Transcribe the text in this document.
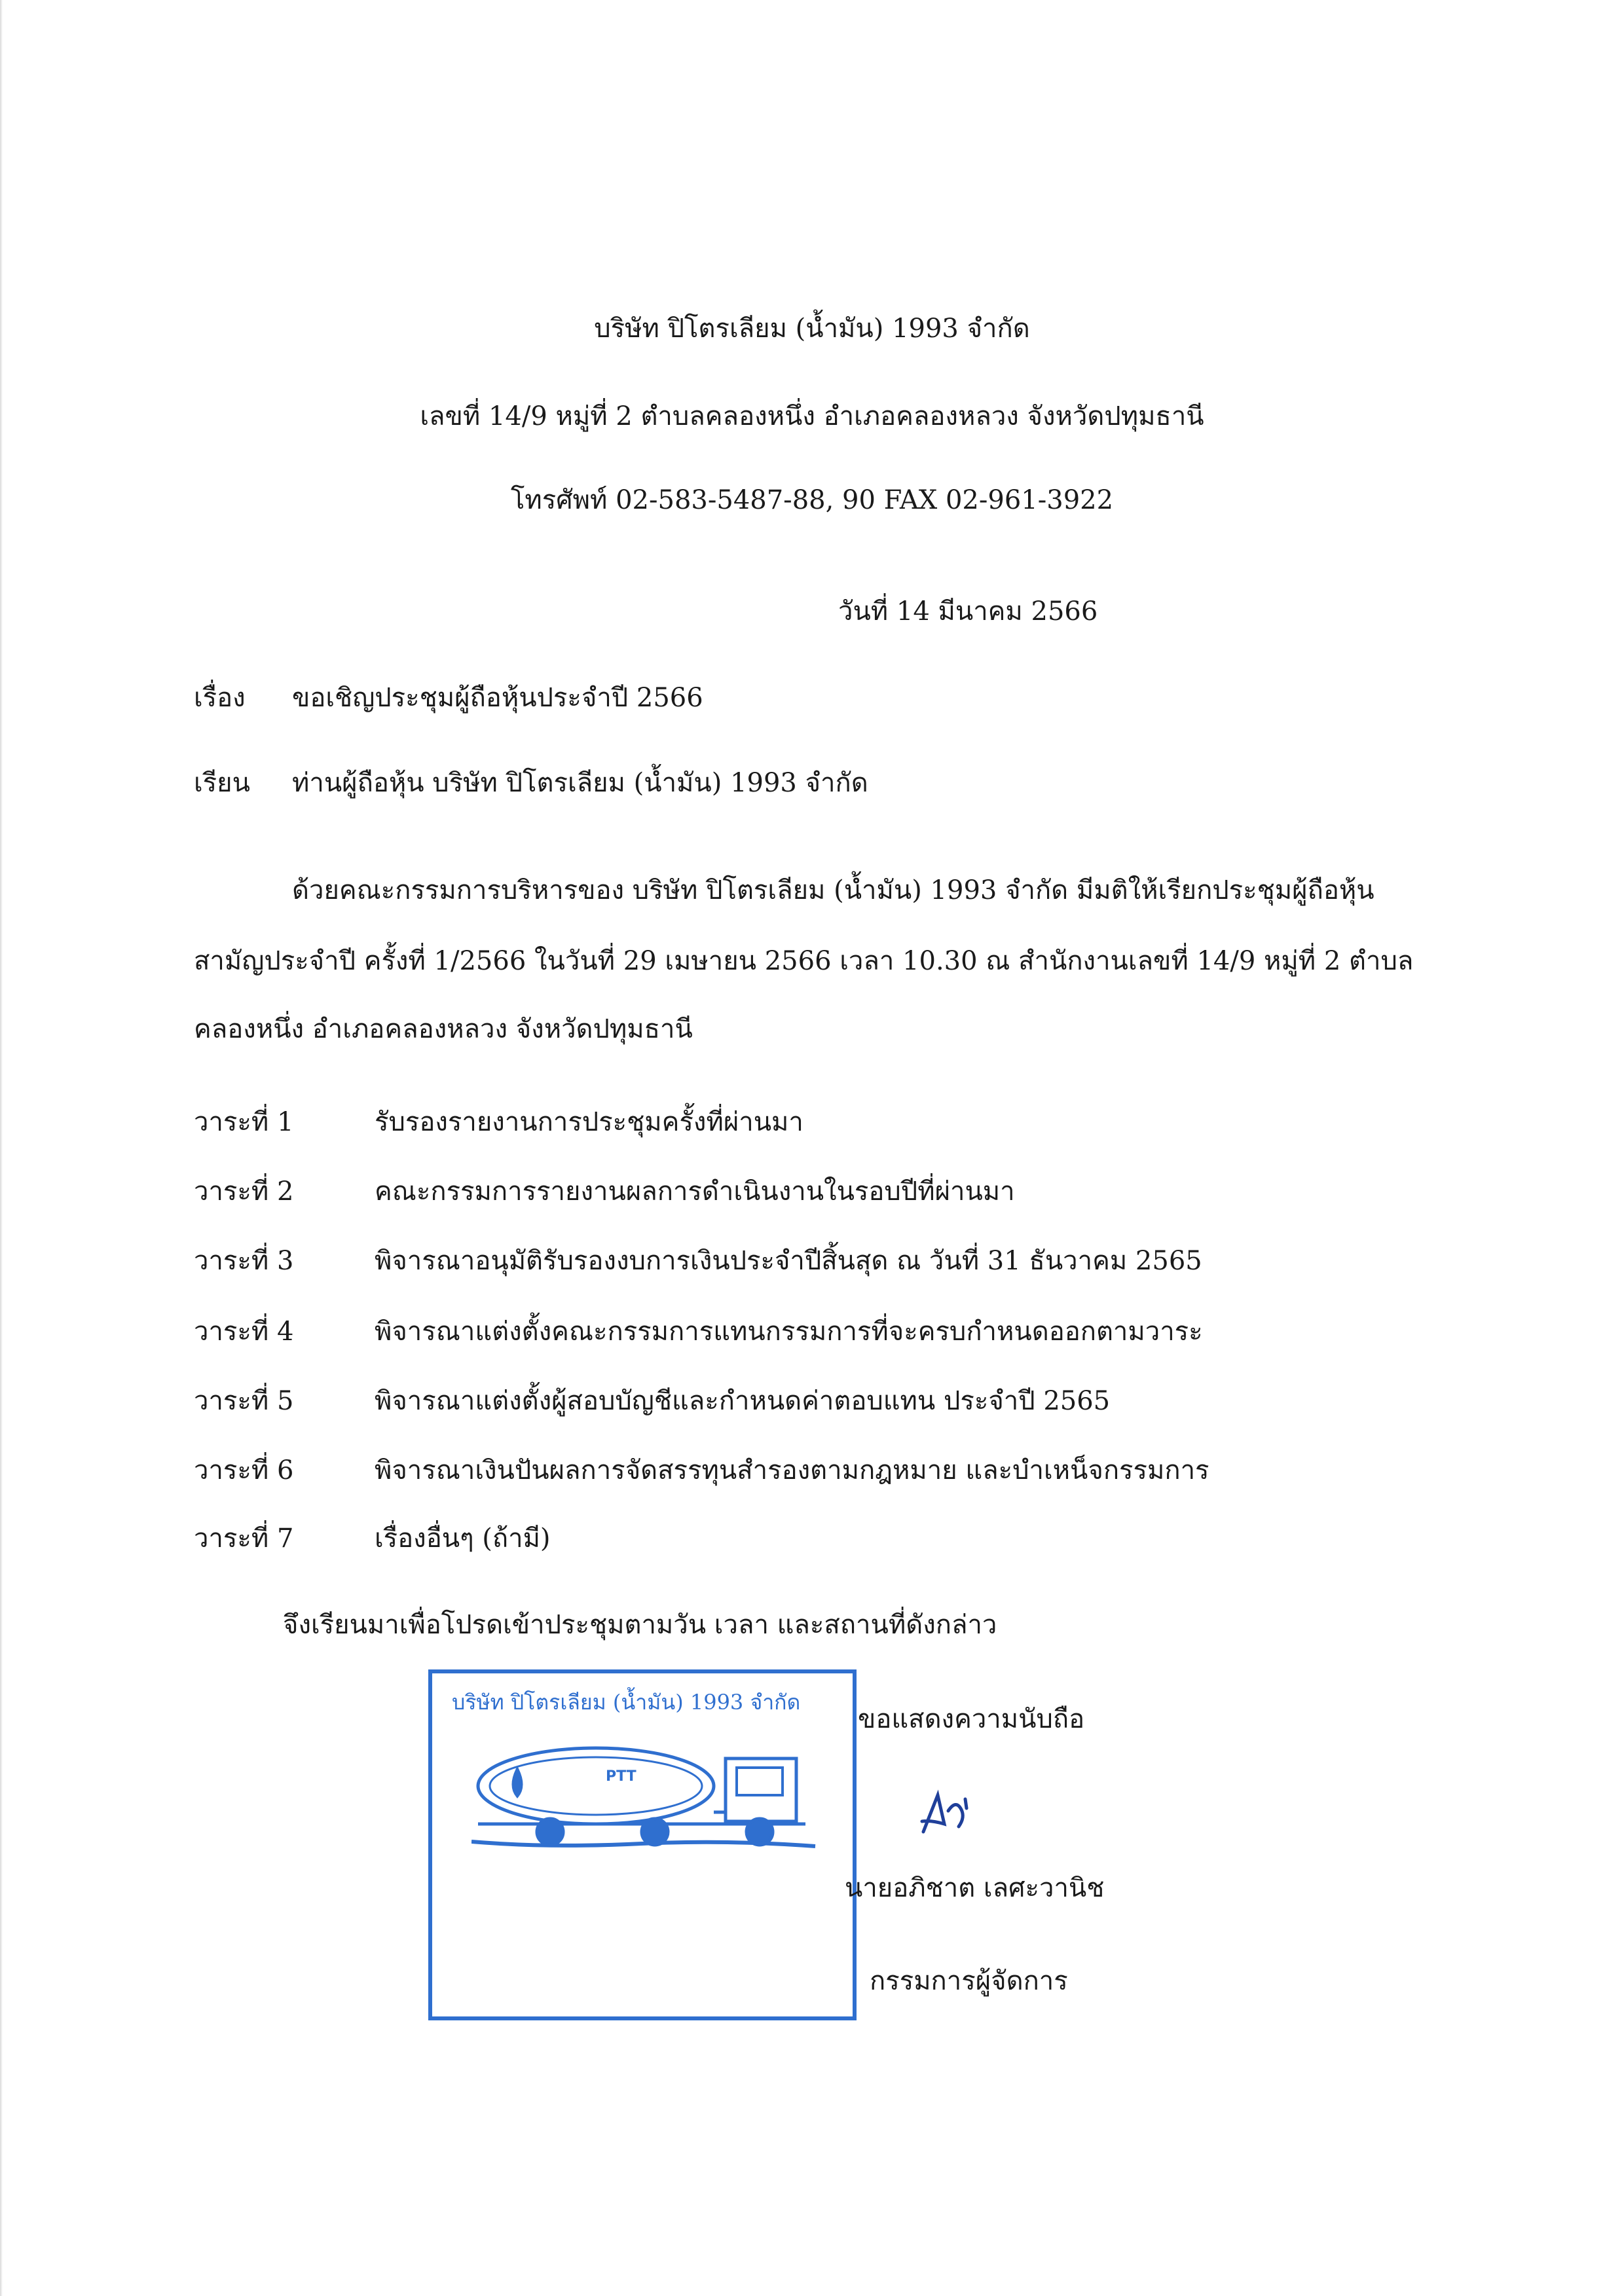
บริษัท ปิโตรเลียม (น้ำมัน) 1993 จำกัด
เลขที่ 14/9 หมู่ที่ 2 ตำบลคลองหนึ่ง อำเภอคลองหลวง จังหวัดปทุมธานี
โทรศัพท์ 02-583-5487-88, 90 FAX 02-961-3922
วันที่ 14 มีนาคม 2566
เรื่อง ขอเชิญประชุมผู้ถือหุ้นประจำปี 2566
เรียน ท่านผู้ถือหุ้น บริษัท ปิโตรเลียม (น้ำมัน) 1993 จำกัด
ด้วยคณะกรรมการบริหารของ บริษัท ปิโตรเลียม (น้ำมัน) 1993 จำกัด มีมติให้เรียกประชุมผู้ถือหุ้น
สามัญประจำปี ครั้งที่ 1/2566 ในวันที่ 29 เมษายน 2566 เวลา 10.30 ณ สำนักงานเลขที่ 14/9 หมู่ที่ 2 ตำบล
คลองหนึ่ง อำเภอคลองหลวง จังหวัดปทุมธานี
วาระที่ 1	รับรองรายงานการประชุมครั้งที่ผ่านมา
วาระที่ 2	คณะกรรมการรายงานผลการดำเนินงานในรอบปีที่ผ่านมา
วาระที่ 3	พิจารณาอนุมัติรับรองงบการเงินประจำปีสิ้นสุด ณ วันที่ 31 ธันวาคม 2565
วาระที่ 4	พิจารณาแต่งตั้งคณะกรรมการแทนกรรมการที่จะครบกำหนดออกตามวาระ
วาระที่ 5	พิจารณาแต่งตั้งผู้สอบบัญชีและกำหนดค่าตอบแทน ประจำปี 2565
วาระที่ 6	พิจารณาเงินปันผลการจัดสรรทุนสำรองตามกฎหมาย และบำเหน็จกรรมการ
วาระที่ 7	เรื่องอื่นๆ (ถ้ามี)
จึงเรียนมาเพื่อโปรดเข้าประชุมตามวัน เวลา และสถานที่ดังกล่าว
ขอแสดงความนับถือ
บริษัท ปิโตรเลียม (น้ำมัน) 1993 จำกัด
PTT
นายอภิชาต เลศะวานิช
กรรมการผู้จัดการ
